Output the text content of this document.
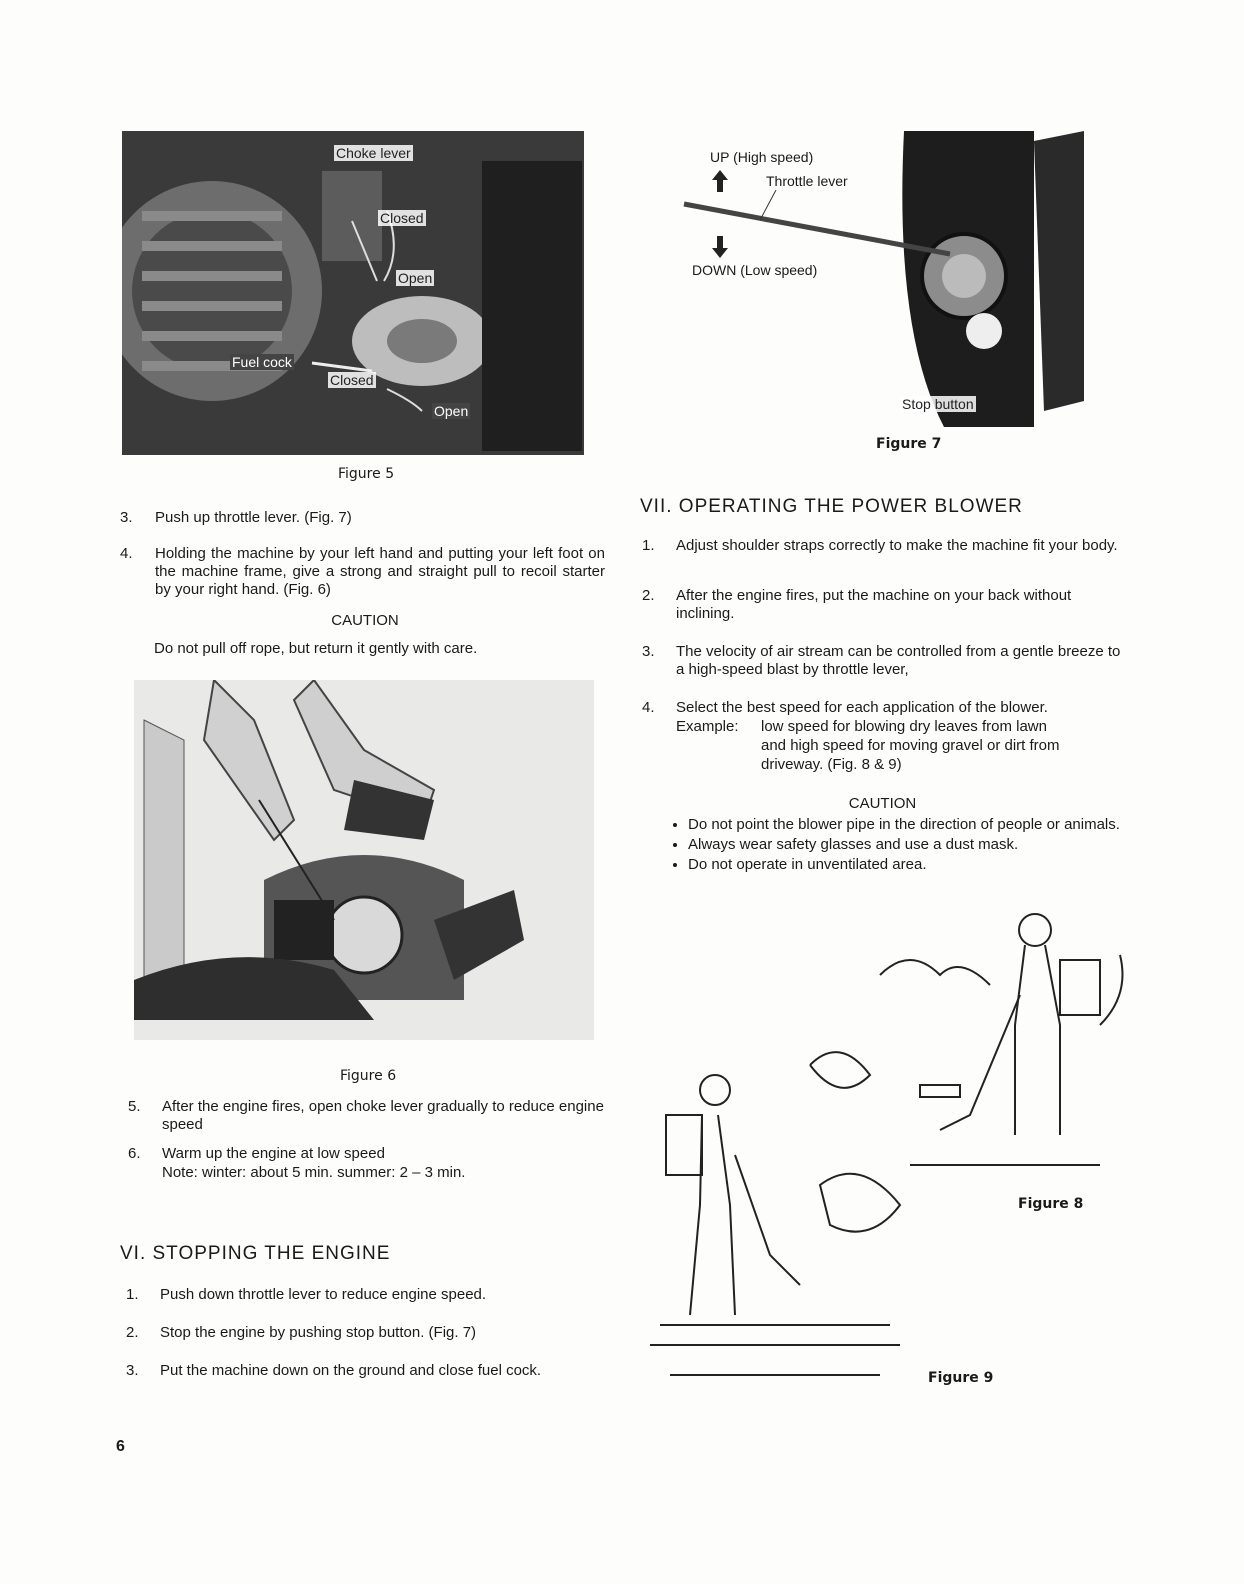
Choke lever
Closed
Open
Fuel cock
Closed
Open
Figure 5
3. Push up throttle lever. (Fig. 7)
4. Holding the machine by your left hand and putting your left foot on the machine frame, give a strong and straight pull to recoil starter by your right hand. (Fig. 6)
CAUTION
Do not pull off rope, but return it gently with care.
Figure 6
5. After the engine fires, open choke lever gradually to reduce engine speed
6. Warm up the engine at low speed
Note: winter: about 5 min. summer: 2 – 3 min.
VI. STOPPING THE ENGINE
1. Push down throttle lever to reduce engine speed.
2. Stop the engine by pushing stop button. (Fig. 7)
3. Put the machine down on the ground and close fuel cock.
6
UP (High speed)
Throttle lever
DOWN (Low speed)
Stop button
Figure 7
VII. OPERATING THE POWER BLOWER
1. Adjust shoulder straps correctly to make the machine fit your body.
2. After the engine fires, put the machine on your back without inclining.
3. The velocity of air stream can be controlled from a gentle breeze to a high-speed blast by throttle lever,
4. Select the best speed for each application of the blower.
Example: low speed for blowing dry leaves from lawn
and high speed for moving gravel or dirt from
driveway. (Fig. 8 & 9)
CAUTION
• Do not point the blower pipe in the direction of people or animals.
• Always wear safety glasses and use a dust mask.
• Do not operate in unventilated area.
Figure 8
Figure 9
